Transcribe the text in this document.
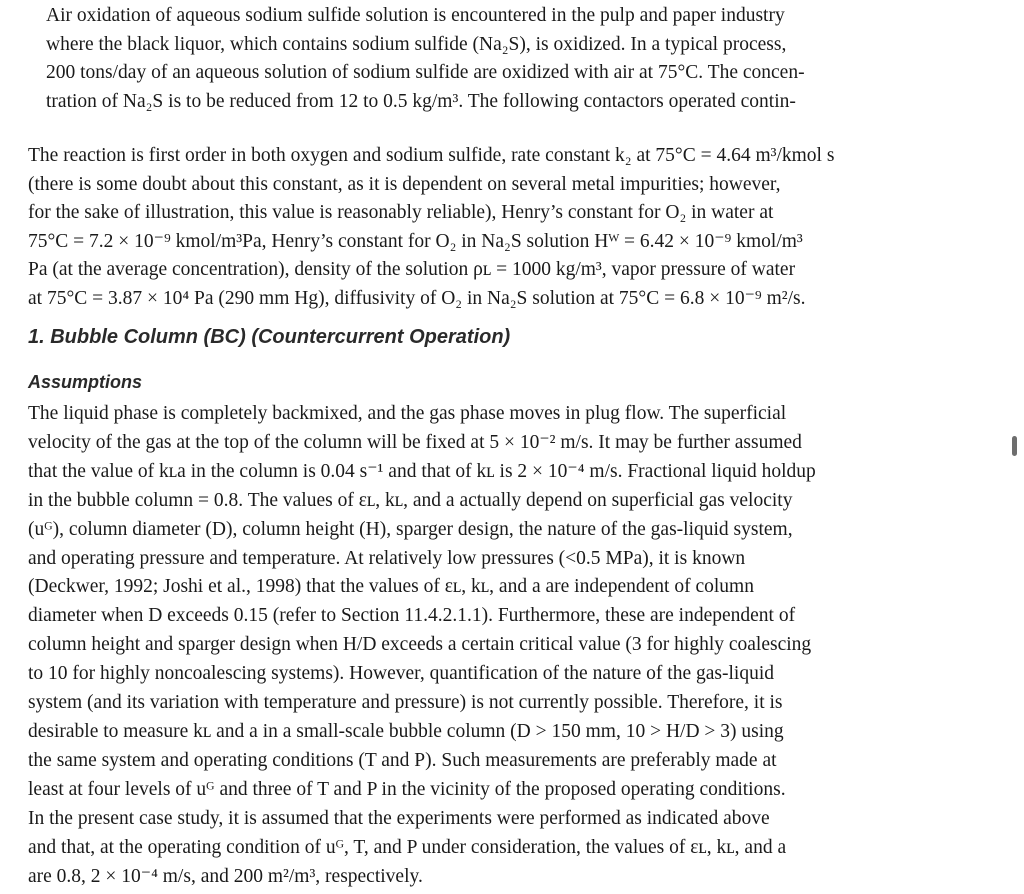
Air oxidation of aqueous sodium sulfide solution is encountered in the pulp and paper industry
where the black liquor, which contains sodium sulfide (Na₂S), is oxidized. In a typical process,
200 tons/day of an aqueous solution of sodium sulfide are oxidized with air at 75°C. The concen-
tration of Na₂S is to be reduced from 12 to 0.5 kg/m³. The following contactors operated contin-
The reaction is first order in both oxygen and sodium sulfide, rate constant k₂ at 75°C = 4.64 m³/kmol s
(there is some doubt about this constant, as it is dependent on several metal impurities; however,
for the sake of illustration, this value is reasonably reliable), Henry’s constant for O₂ in water at
75°C = 7.2 × 10⁻⁹ kmol/m³Pa, Henry’s constant for O₂ in Na₂S solution Hᵂ = 6.42 × 10⁻⁹ kmol/m³
Pa (at the average concentration), density of the solution ρʟ = 1000 kg/m³, vapor pressure of water
at 75°C = 3.87 × 10⁴ Pa (290 mm Hg), diffusivity of O₂ in Na₂S solution at 75°C = 6.8 × 10⁻⁹ m²/s.
1. Bubble Column (BC) (Countercurrent Operation)
Assumptions
The liquid phase is completely backmixed, and the gas phase moves in plug flow. The superficial
velocity of the gas at the top of the column will be fixed at 5 × 10⁻² m/s. It may be further assumed
that the value of kʟa in the column is 0.04 s⁻¹ and that of kʟ is 2 × 10⁻⁴ m/s. Fractional liquid holdup
in the bubble column = 0.8. The values of εʟ, kʟ, and a actually depend on superficial gas velocity
(uᴳ), column diameter (D), column height (H), sparger design, the nature of the gas-liquid system,
and operating pressure and temperature. At relatively low pressures (<0.5 MPa), it is known
(Deckwer, 1992; Joshi et al., 1998) that the values of εʟ, kʟ, and a are independent of column
diameter when D exceeds 0.15 (refer to Section 11.4.2.1.1). Furthermore, these are independent of
column height and sparger design when H/D exceeds a certain critical value (3 for highly coalescing
to 10 for highly noncoalescing systems). However, quantification of the nature of the gas-liquid
system (and its variation with temperature and pressure) is not currently possible. Therefore, it is
desirable to measure kʟ and a in a small-scale bubble column (D > 150 mm, 10 > H/D > 3) using
the same system and operating conditions (T and P). Such measurements are preferably made at
least at four levels of uᴳ and three of T and P in the vicinity of the proposed operating conditions.
In the present case study, it is assumed that the experiments were performed as indicated above
and that, at the operating condition of uᴳ, T, and P under consideration, the values of εʟ, kʟ, and a
are 0.8, 2 × 10⁻⁴ m/s, and 200 m²/m³, respectively.
